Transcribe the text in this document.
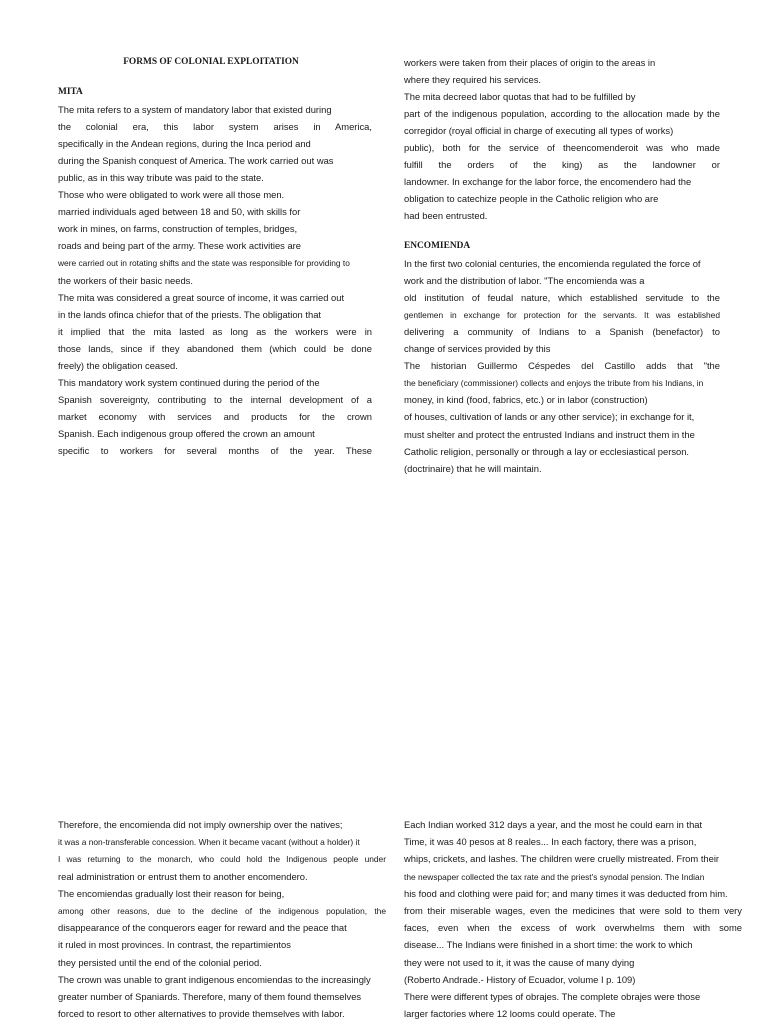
FORMS OF COLONIAL EXPLOITATION
MITA
The mita refers to a system of mandatory labor that existed during
the colonial era, this labor system arises in America,
specifically in the Andean regions, during the Inca period and
during the Spanish conquest of America. The work carried out was
public, as in this way tribute was paid to the state.
Those who were obligated to work were all those men.
married individuals aged between 18 and 50, with skills for
work in mines, on farms, construction of temples, bridges,
roads and being part of the army. These work activities are
were carried out in rotating shifts and the state was responsible for providing to
the workers of their basic needs.
The mita was considered a great source of income, it was carried out
in the lands ofinca chiefor that of the priests. The obligation that
it implied that the mita lasted as long as the workers were in
those lands, since if they abandoned them (which could be done
freely) the obligation ceased.
This mandatory work system continued during the period of the
Spanish sovereignty, contributing to the internal development of a
market economy with services and products for the crown
Spanish. Each indigenous group offered the crown an amount
specific to workers for several months of the year. These
workers were taken from their places of origin to the areas in
where they required his services.
The mita decreed labor quotas that had to be fulfilled by
part of the indigenous population, according to the allocation made by the
corregidor (royal official in charge of executing all types of works)
public), both for the service of theencomenderoit was who made
fulfill the orders of the king) as the landowner or
landowner. In exchange for the labor force, the encomendero had the
obligation to catechize people in the Catholic religion who are
had been entrusted.
ENCOMIENDA
In the first two colonial centuries, the encomienda regulated the force of
work and the distribution of labor. "The encomienda was a
old institution of feudal nature, which established servitude to the
gentlemen in exchange for protection for the servants. It was established
delivering a community of Indians to a Spanish (benefactor) to
change of services provided by this
The historian Guillermo Céspedes del Castillo adds that "the
the beneficiary (commissioner) collects and enjoys the tribute from his Indians, in
money, in kind (food, fabrics, etc.) or in labor (construction)
of houses, cultivation of lands or any other service); in exchange for it,
must shelter and protect the entrusted Indians and instruct them in the
Catholic religion, personally or through a lay or ecclesiastical person.
(doctrinaire) that he will maintain.
Therefore, the encomienda did not imply ownership over the natives;
it was a non-transferable concession. When it became vacant (without a holder) it
I was returning to the monarch, who could hold the Indigenous people under
real administration or entrust them to another encomendero.
The encomiendas gradually lost their reason for being,
among other reasons, due to the decline of the indigenous population, the
disappearance of the conquerors eager for reward and the peace that
it ruled in most provinces. In contrast, the repartimientos
they persisted until the end of the colonial period.
The crown was unable to grant indigenous encomiendas to the increasingly
greater number of Spaniards. Therefore, many of them found themselves
forced to resort to other alternatives to provide themselves with labor.
Each Indian worked 312 days a year, and the most he could earn in that
Time, it was 40 pesos at 8 reales... In each factory, there was a prison,
whips, crickets, and lashes. The children were cruelly mistreated. From their
the newspaper collected the tax rate and the priest's synodal pension. The Indian
his food and clothing were paid for; and many times it was deducted from him.
from their miserable wages, even the medicines that were sold to them very
faces, even when the excess of work overwhelms them with some
disease... The Indians were finished in a short time: the work to which
they were not used to it, it was the cause of many dying
(Roberto Andrade.- History of Ecuador, volume I p. 109)
There were different types of obrajes. The complete obrajes were those
larger factories where 12 looms could operate. The
